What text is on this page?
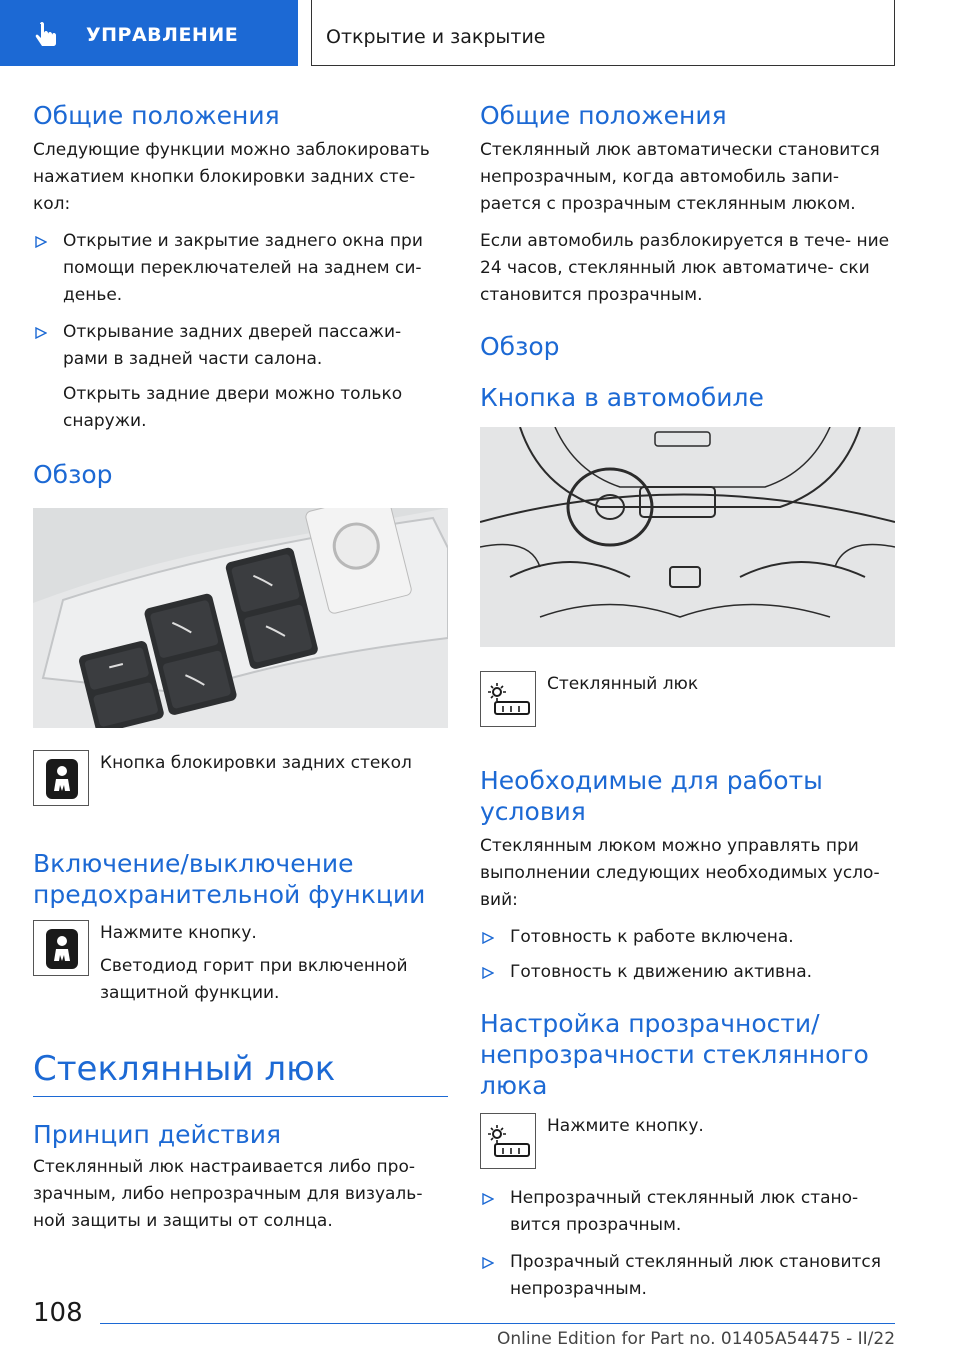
УПРАВЛЕНИЕ	Открытие и закрытие
Общие положения
Следующие функции можно заблокировать нажатием кнопки блокировки задних сте- кол:
Открытие и закрытие заднего окна при помощи переключателей на заднем си- денье.
Открывание задних дверей пассажи- рами в задней части салона.
Открыть задние двери можно только снаружи.
Обзор
Кнопка блокировки задних стекол
Включение/выключение предохранительной функции
Нажмите кнопку.
Светодиод горит при включенной защитной функции.
Стеклянный люк
Принцип действия
Стеклянный люк настраивается либо про- зрачным, либо непрозрачным для визуаль- ной защиты и защиты от солнца.
Общие положения
Стеклянный люк автоматически становится непрозрачным, когда автомобиль запи- рается с прозрачным стеклянным люком.
Если автомобиль разблокируется в тече- ние 24 часов, стеклянный люк автоматиче- ски становится прозрачным.
Обзор
Кнопка в автомобиле
Стеклянный люк
Необходимые для работы условия
Стеклянным люком можно управлять при выполнении следующих необходимых усло- вий:
Готовность к работе включена.
Готовность к движению активна.
Настройка прозрачности/ непрозрачности стеклянного люка
Нажмите кнопку.
Непрозрачный стеклянный люк стано- вится прозрачным.
Прозрачный стеклянный люк становится непрозрачным.
108
Online Edition for Part no. 01405A54475 - II/22
